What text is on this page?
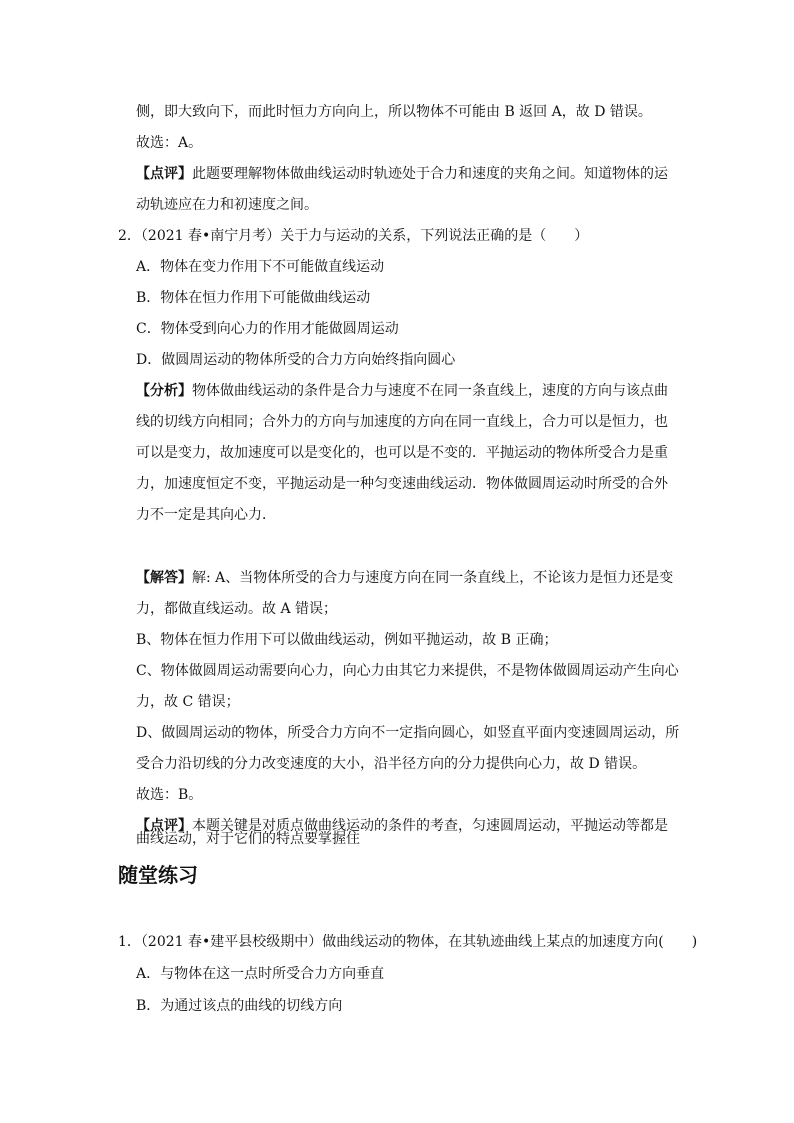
侧，即大致向下，而此时恒力方向向上，所以物体不可能由 B 返回 A，故 D 错误。
故选：A。
【点评】此题要理解物体做曲线运动时轨迹处于合力和速度的夹角之间。知道物体的运
动轨迹应在力和初速度之间。
2．（2021 春•南宁月考）关于力与运动的关系，下列说法正确的是（　　）
A．物体在变力作用下不可能做直线运动
B．物体在恒力作用下可能做曲线运动
C．物体受到向心力的作用才能做圆周运动
D．做圆周运动的物体所受的合力方向始终指向圆心
【分析】物体做曲线运动的条件是合力与速度不在同一条直线上，速度的方向与该点曲
线的切线方向相同；合外力的方向与加速度的方向在同一直线上，合力可以是恒力，也
可以是变力，故加速度可以是变化的，也可以是不变的．平抛运动的物体所受合力是重
力，加速度恒定不变，平抛运动是一种匀变速曲线运动．物体做圆周运动时所受的合外
力不一定是其向心力．
【解答】解: A、当物体所受的合力与速度方向在同一条直线上，不论该力是恒力还是变
力，都做直线运动。故 A 错误；
B、物体在恒力作用下可以做曲线运动，例如平抛运动，故 B 正确；
C、物体做圆周运动需要向心力，向心力由其它力来提供，不是物体做圆周运动产生向心
力，故 C 错误；
D、做圆周运动的物体，所受合力方向不一定指向圆心，如竖直平面内变速圆周运动，所
受合力沿切线的分力改变速度的大小，沿半径方向的分力提供向心力，故 D 错误。
故选：B。
【点评】本题关键是对质点做曲线运动的条件的考查，匀速圆周运动，平抛运动等都是
曲线运动，对于它们的特点要掌握住
随堂练习
1．（2021 春•建平县校级期中）做曲线运动的物体，在其轨迹曲线上某点的加速度方向(　　)
A．与物体在这一点时所受合力方向垂直
B．为通过该点的曲线的切线方向
